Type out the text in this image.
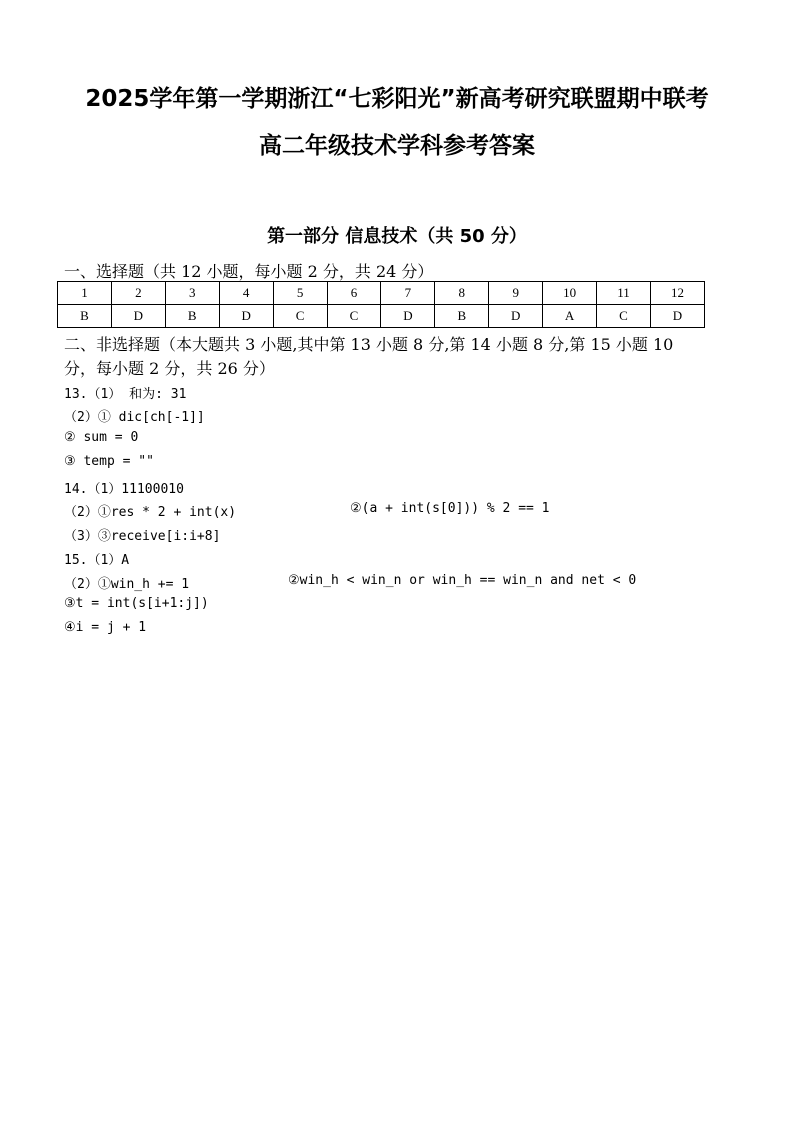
2025学年第一学期浙江“七彩阳光”新高考研究联盟期中联考
高二年级技术学科参考答案
第一部分 信息技术（共 50 分）

一、选择题（共 12 小题，每小题 2 分，共 24 分）

1	2	3	4	5	6	7	8	9	10	11	12
B	D	B	D	C	C	D	B	D	A	C	D

二、非选择题（本大题共 3 小题,其中第 13 小题 8 分,第 14 小题 8 分,第 15 小题 10

分，每小题 2 分，共 26 分）

13.（1） 和为: 31

（2）① dic[ch[-1]]

② sum = 0

③ temp = ""

14.（1）11100010

（2）①res * 2 + int(x)	②(a + int(s[0])) % 2 == 1

（3）③receive[i:i+8]

15.（1）A

（2）①win_h += 1	②win_h < win_n or win_h == win_n and net < 0

③t = int(s[i+1:j])

④i = j + 1
